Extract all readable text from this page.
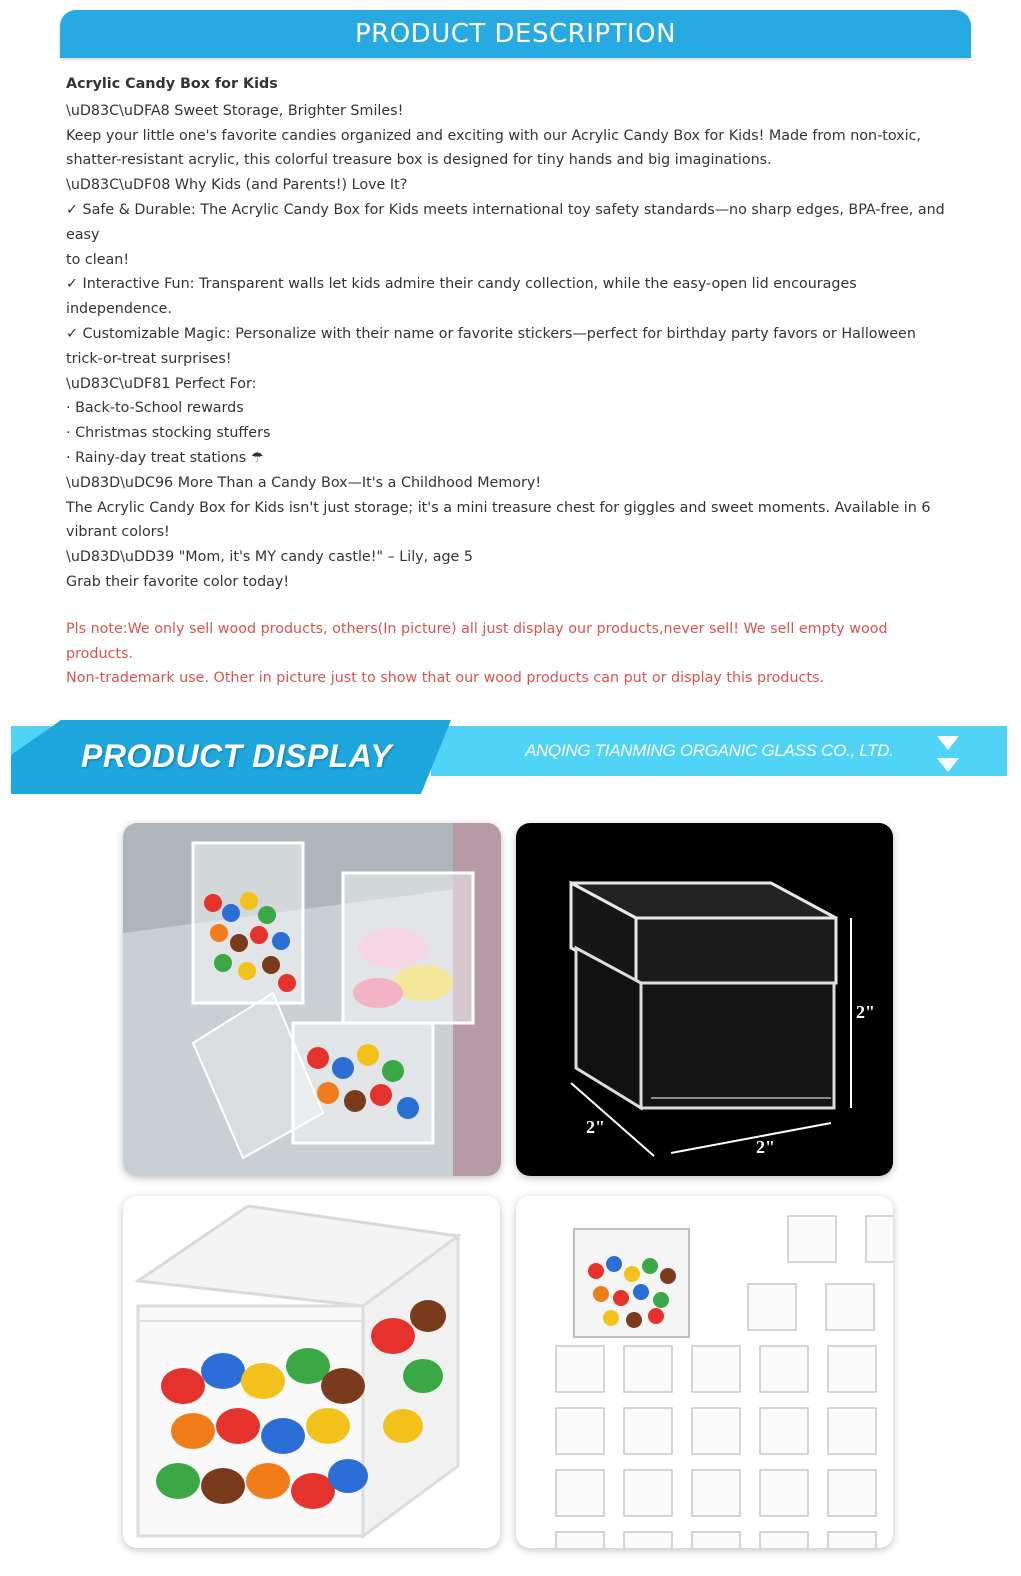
PRODUCT DESCRIPTION
Acrylic Candy Box for Kids
\uD83C\uDFA8 Sweet Storage, Brighter Smiles!
Keep your little one's favorite candies organized and exciting with our Acrylic Candy Box for Kids! Made from non-toxic, shatter-resistant acrylic, this colorful treasure box is designed for tiny hands and big imaginations.
\uD83C\uDF08 Why Kids (and Parents!) Love It?
✓ Safe & Durable: The Acrylic Candy Box for Kids meets international toy safety standards—no sharp edges, BPA-free, and easy
to clean!
✓ Interactive Fun: Transparent walls let kids admire their candy collection, while the easy-open lid encourages independence.
✓ Customizable Magic: Personalize with their name or favorite stickers—perfect for birthday party favors or Halloween trick-or-treat surprises!
\uD83C\uDF81 Perfect For:
· Back-to-School rewards
· Christmas stocking stuffers
· Rainy-day treat stations ☂
\uD83D\uDC96 More Than a Candy Box—It's a Childhood Memory!
The Acrylic Candy Box for Kids isn't just storage; it's a mini treasure chest for giggles and sweet moments. Available in 6 vibrant colors!
\uD83D\uDD39 "Mom, it's MY candy castle!" – Lily, age 5
Grab their favorite color today!
Pls note:We only sell wood products, others(In picture) all just display our products,never sell! We sell empty wood products.
Non-trademark use. Other in picture just to show that our wood products can put or display this products.
PRODUCT DISPLAY	ANQING TIANMING ORGANIC GLASS CO., LTD.
2"
2"
2"
